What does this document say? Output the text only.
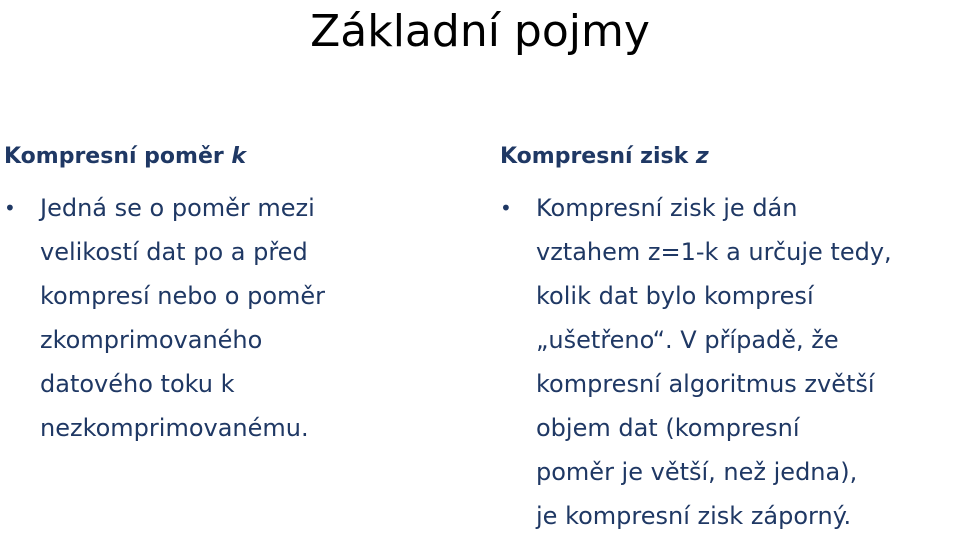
Základní pojmy
Kompresní poměr k
• Jedná se o poměr mezi
velikostí dat po a před
kompresí nebo o poměr
zkomprimovaného
datového toku k
nezkomprimovanému.
Kompresní zisk z
• Kompresní zisk je dán
vztahem z=1-k a určuje tedy,
kolik dat bylo kompresí
„ušetřeno“. V případě, že
kompresní algoritmus zvětší
objem dat (kompresní
poměr je větší, než jedna),
je kompresní zisk záporný.
